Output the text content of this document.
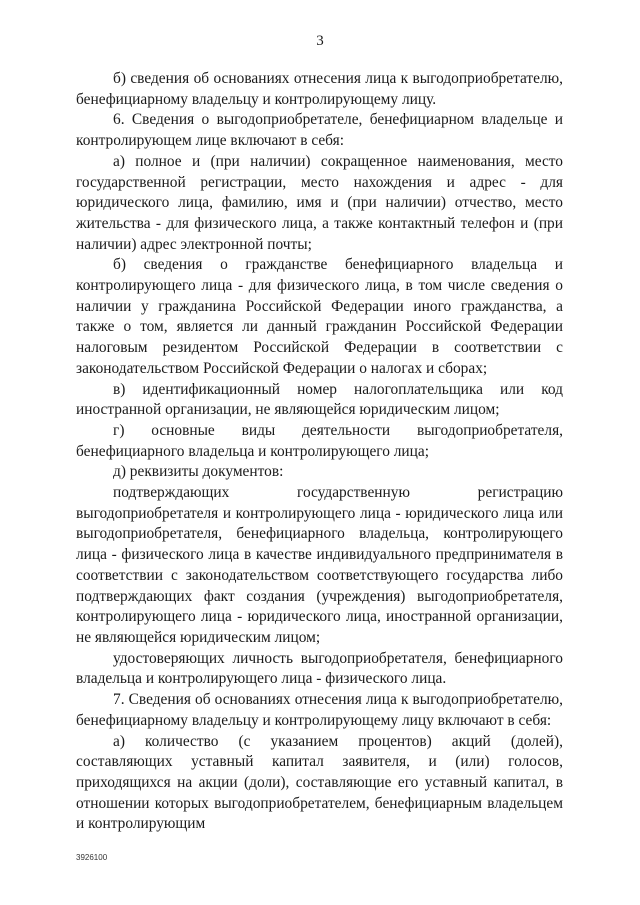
3

б) сведения об основаниях отнесения лица к выгодоприобретателю, бенефициарному владельцу и контролирующему лицу.

6. Сведения о выгодоприобретателе, бенефициарном владельце и контролирующем лице включают в себя:

а) полное и (при наличии) сокращенное наименования, место государственной регистрации, место нахождения и адрес - для юридического лица, фамилию, имя и (при наличии) отчество, место жительства - для физического лица, а также контактный телефон и (при наличии) адрес электронной почты;

б) сведения о гражданстве бенефициарного владельца и контролирующего лица - для физического лица, в том числе сведения о наличии у гражданина Российской Федерации иного гражданства, а также о том, является ли данный гражданин Российской Федерации налоговым резидентом Российской Федерации в соответствии с законодательством Российской Федерации о налогах и сборах;

в) идентификационный номер налогоплательщика или код иностранной организации, не являющейся юридическим лицом;

г) основные виды деятельности выгодоприобретателя, бенефициарного владельца и контролирующего лица;

д) реквизиты документов:

подтверждающих государственную регистрацию выгодоприобретателя и контролирующего лица - юридического лица или выгодоприобретателя, бенефициарного владельца, контролирующего лица - физического лица в качестве индивидуального предпринимателя в соответствии с законодательством соответствующего государства либо подтверждающих факт создания (учреждения) выгодоприобретателя, контролирующего лица - юридического лица, иностранной организации, не являющейся юридическим лицом;

удостоверяющих личность выгодоприобретателя, бенефициарного владельца и контролирующего лица - физического лица.

7. Сведения об основаниях отнесения лица к выгодоприобретателю, бенефициарному владельцу и контролирующему лицу включают в себя:

а) количество (с указанием процентов) акций (долей), составляющих уставный капитал заявителя, и (или) голосов, приходящихся на акции (доли), составляющие его уставный капитал, в отношении которых выгодоприобретателем, бенефициарным владельцем и контролирующим

3926100
